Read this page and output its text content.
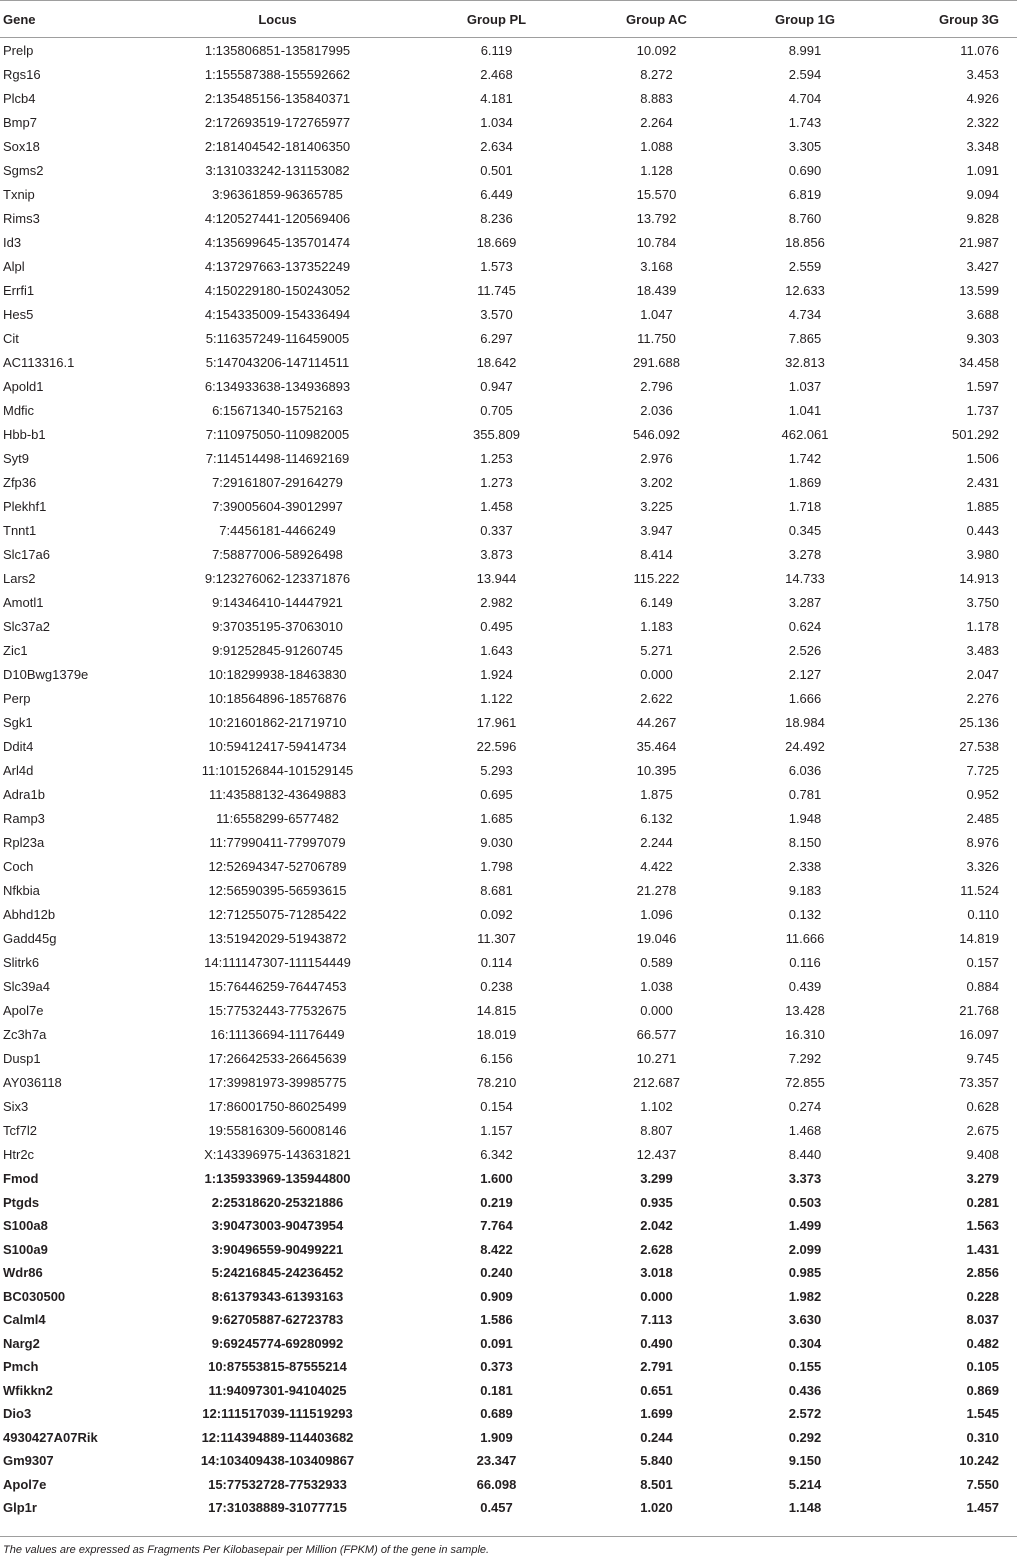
Gene	Locus	Group PL	Group AC	Group 1G	Group 3G
Prelp	1:135806851-135817995	6.119	10.092	8.991	11.076
Rgs16	1:155587388-155592662	2.468	8.272	2.594	3.453
Plcb4	2:135485156-135840371	4.181	8.883	4.704	4.926
Bmp7	2:172693519-172765977	1.034	2.264	1.743	2.322
Sox18	2:181404542-181406350	2.634	1.088	3.305	3.348
Sgms2	3:131033242-131153082	0.501	1.128	0.690	1.091
Txnip	3:96361859-96365785	6.449	15.570	6.819	9.094
Rims3	4:120527441-120569406	8.236	13.792	8.760	9.828
Id3	4:135699645-135701474	18.669	10.784	18.856	21.987
Alpl	4:137297663-137352249	1.573	3.168	2.559	3.427
Errfi1	4:150229180-150243052	11.745	18.439	12.633	13.599
Hes5	4:154335009-154336494	3.570	1.047	4.734	3.688
Cit	5:116357249-116459005	6.297	11.750	7.865	9.303
AC113316.1	5:147043206-147114511	18.642	291.688	32.813	34.458
Apold1	6:134933638-134936893	0.947	2.796	1.037	1.597
Mdfic	6:15671340-15752163	0.705	2.036	1.041	1.737
Hbb-b1	7:110975050-110982005	355.809	546.092	462.061	501.292
Syt9	7:114514498-114692169	1.253	2.976	1.742	1.506
Zfp36	7:29161807-29164279	1.273	3.202	1.869	2.431
Plekhf1	7:39005604-39012997	1.458	3.225	1.718	1.885
Tnnt1	7:4456181-4466249	0.337	3.947	0.345	0.443
Slc17a6	7:58877006-58926498	3.873	8.414	3.278	3.980
Lars2	9:123276062-123371876	13.944	115.222	14.733	14.913
Amotl1	9:14346410-14447921	2.982	6.149	3.287	3.750
Slc37a2	9:37035195-37063010	0.495	1.183	0.624	1.178
Zic1	9:91252845-91260745	1.643	5.271	2.526	3.483
D10Bwg1379e	10:18299938-18463830	1.924	0.000	2.127	2.047
Perp	10:18564896-18576876	1.122	2.622	1.666	2.276
Sgk1	10:21601862-21719710	17.961	44.267	18.984	25.136
Ddit4	10:59412417-59414734	22.596	35.464	24.492	27.538
Arl4d	11:101526844-101529145	5.293	10.395	6.036	7.725
Adra1b	11:43588132-43649883	0.695	1.875	0.781	0.952
Ramp3	11:6558299-6577482	1.685	6.132	1.948	2.485
Rpl23a	11:77990411-77997079	9.030	2.244	8.150	8.976
Coch	12:52694347-52706789	1.798	4.422	2.338	3.326
Nfkbia	12:56590395-56593615	8.681	21.278	9.183	11.524
Abhd12b	12:71255075-71285422	0.092	1.096	0.132	0.110
Gadd45g	13:51942029-51943872	11.307	19.046	11.666	14.819
Slitrk6	14:111147307-111154449	0.114	0.589	0.116	0.157
Slc39a4	15:76446259-76447453	0.238	1.038	0.439	0.884
Apol7e	15:77532443-77532675	14.815	0.000	13.428	21.768
Zc3h7a	16:11136694-11176449	18.019	66.577	16.310	16.097
Dusp1	17:26642533-26645639	6.156	10.271	7.292	9.745
AY036118	17:39981973-39985775	78.210	212.687	72.855	73.357
Six3	17:86001750-86025499	0.154	1.102	0.274	0.628
Tcf7l2	19:55816309-56008146	1.157	8.807	1.468	2.675
Htr2c	X:143396975-143631821	6.342	12.437	8.440	9.408
Fmod	1:135933969-135944800	1.600	3.299	3.373	3.279
Ptgds	2:25318620-25321886	0.219	0.935	0.503	0.281
S100a8	3:90473003-90473954	7.764	2.042	1.499	1.563
S100a9	3:90496559-90499221	8.422	2.628	2.099	1.431
Wdr86	5:24216845-24236452	0.240	3.018	0.985	2.856
BC030500	8:61379343-61393163	0.909	0.000	1.982	0.228
Calml4	9:62705887-62723783	1.586	7.113	3.630	8.037
Narg2	9:69245774-69280992	0.091	0.490	0.304	0.482
Pmch	10:87553815-87555214	0.373	2.791	0.155	0.105
Wfikkn2	11:94097301-94104025	0.181	0.651	0.436	0.869
Dio3	12:111517039-111519293	0.689	1.699	2.572	1.545
4930427A07Rik	12:114394889-114403682	1.909	0.244	0.292	0.310
Gm9307	14:103409438-103409867	23.347	5.840	9.150	10.242
Apol7e	15:77532728-77532933	66.098	8.501	5.214	7.550
Glp1r	17:31038889-31077715	0.457	1.020	1.148	1.457
The values are expressed as Fragments Per Kilobasepair per Million (FPKM) of the gene in sample.
